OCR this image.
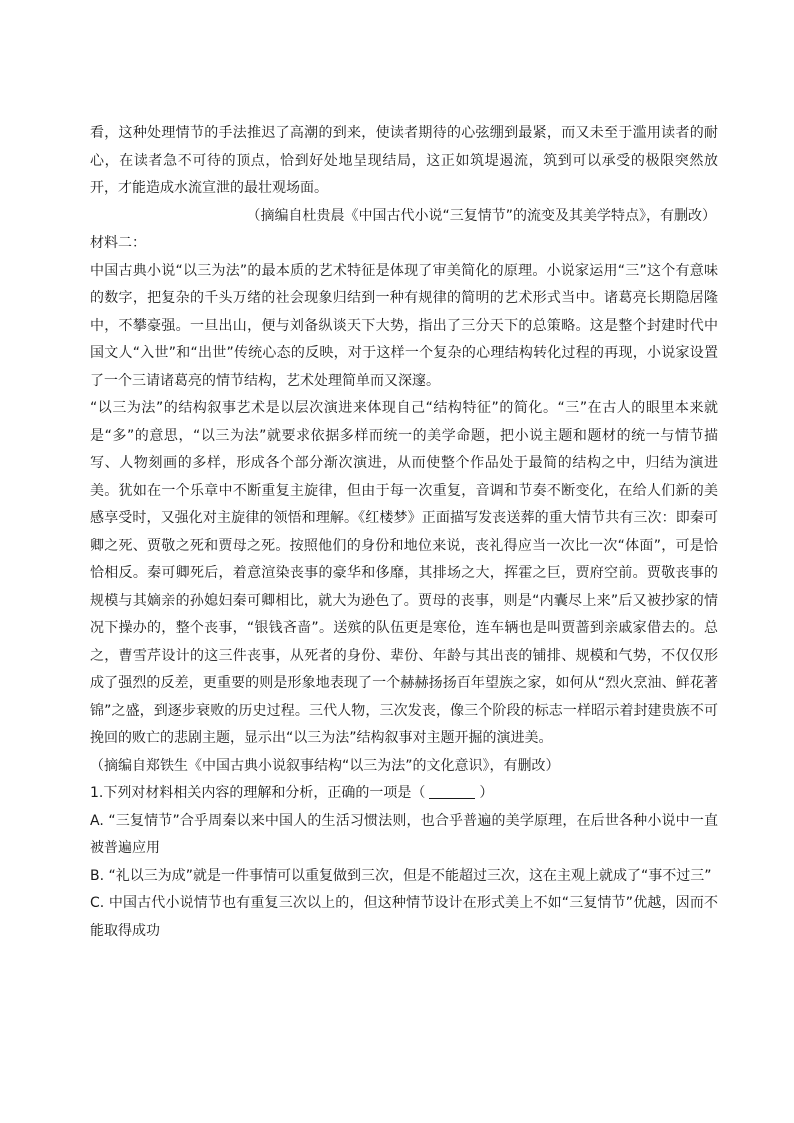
看，这种处理情节的手法推迟了高潮的到来，使读者期待的心弦绷到最紧，而又未至于滥用读者的耐心，在读者急不可待的顶点，恰到好处地呈现结局，这正如筑堤遏流，筑到可以承受的极限突然放开，才能造成水流宣泄的最壮观场面。

（摘编自杜贵晨《中国古代小说“三复情节”的流变及其美学特点》，有删改）

材料二：

中国古典小说“以三为法”的最本质的艺术特征是体现了审美简化的原理。小说家运用“三”这个有意味的数字，把复杂的千头万绪的社会现象归结到一种有规律的简明的艺术形式当中。诸葛亮长期隐居隆中，不攀豪强。一旦出山，便与刘备纵谈天下大势，指出了三分天下的总策略。这是整个封建时代中国文人“入世”和“出世”传统心态的反映，对于这样一个复杂的心理结构转化过程的再现，小说家设置了一个三请诸葛亮的情节结构，艺术处理简单而又深邃。

“以三为法”的结构叙事艺术是以层次演进来体现自己“结构特征”的简化。“三”在古人的眼里本来就是“多”的意思，“以三为法”就要求依据多样而统一的美学命题，把小说主题和题材的统一与情节描写、人物刻画的多样，形成各个部分渐次演进，从而使整个作品处于最简的结构之中，归结为演进美。犹如在一个乐章中不断重复主旋律，但由于每一次重复，音调和节奏不断变化，在给人们新的美感享受时，又强化对主旋律的领悟和理解。《红楼梦》正面描写发丧送葬的重大情节共有三次：即秦可卿之死、贾敬之死和贾母之死。按照他们的身份和地位来说，丧礼得应当一次比一次“体面”，可是恰恰相反。秦可卿死后，着意渲染丧事的豪华和侈靡，其排场之大，挥霍之巨，贾府空前。贾敬丧事的规模与其嫡亲的孙媳妇秦可卿相比，就大为逊色了。贾母的丧事，则是“内囊尽上来”后又被抄家的情况下操办的，整个丧事，“银钱吝啬”。送殡的队伍更是寒伧，连车辆也是叫贾蔷到亲戚家借去的。总之，曹雪芹设计的这三件丧事，从死者的身份、辈份、年龄与其出丧的铺排、规模和气势，不仅仅形成了强烈的反差，更重要的则是形象地表现了一个赫赫扬扬百年望族之家，如何从“烈火烹油、鲜花著锦”之盛，到逐步衰败的历史过程。三代人物，三次发丧，像三个阶段的标志一样昭示着封建贵族不可挽回的败亡的悲剧主题，显示出“以三为法”结构叙事对主题开掘的演进美。

（摘编自郑铁生《中国古典小说叙事结构“以三为法”的文化意识》，有删改）

1.下列对材料相关内容的理解和分析，正确的一项是（	）

A. “三复情节”合乎周秦以来中国人的生活习惯法则，也合乎普遍的美学原理，在后世各种小说中一直被普遍应用

B. “礼以三为成”就是一件事情可以重复做到三次，但是不能超过三次，这在主观上就成了“事不过三”

C. 中国古代小说情节也有重复三次以上的，但这种情节设计在形式美上不如“三复情节”优越，因而不能取得成功
